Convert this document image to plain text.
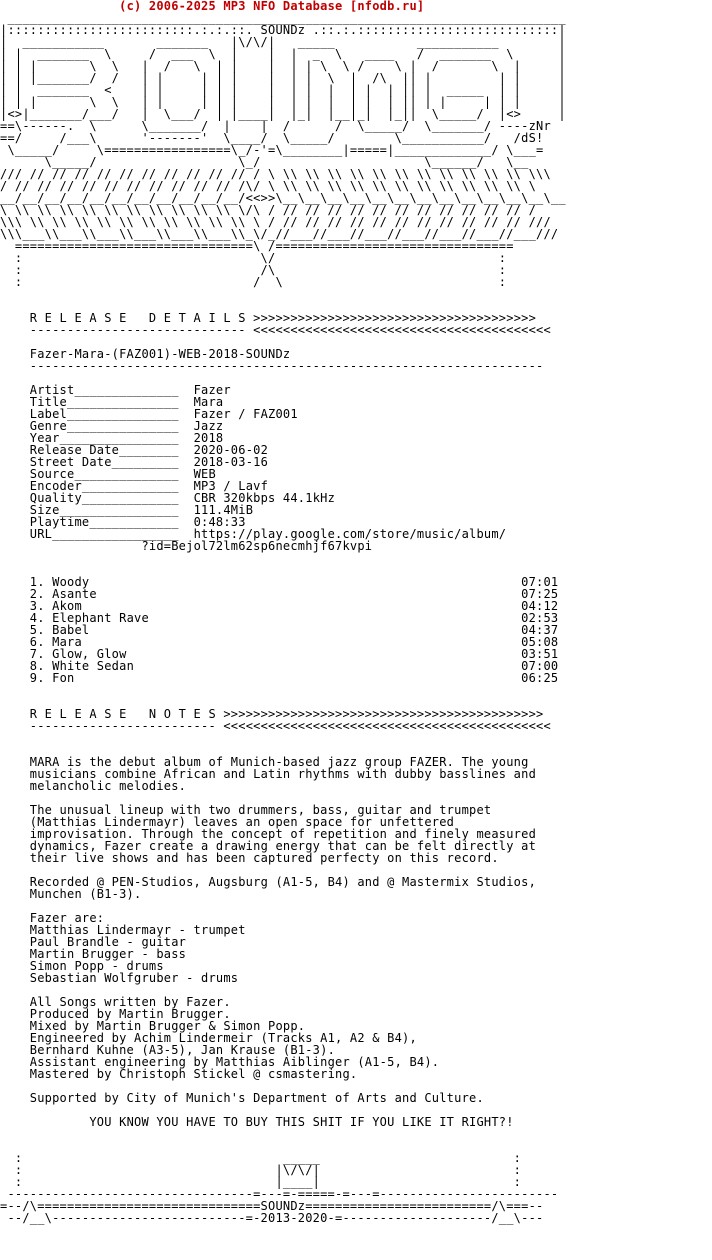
(c) 2006-2025 MP3 NFO Database [nfodb.ru]
___________________________________________________________________________
|:::::::::::::::::::::::::.:.:.::. SOUNDz .::.:.:::::::::::::::::::::::::::|
|  ___________       _______   |\/\/|   _____           ___________        |
| |  _______  \     /  ___  \  |    |  |  _  \   ____   /  _______  \      |
| | |       \  \   |  /   \  | |    |  | | \  \ /    \ |  /       \  |     |
| | |_______/  /   | |     | | |    |  | |  \  |  /\  || |         | |     |
| |  _______  <    | |     | | |    |  | |  |  | |  | || |  _____  | |     |
| | |       \  \   | |     | | |    |  | |  |  | |  | || | |     | | |     |
|<>|_______/___/   |  \___/  | |____|  |_|  |__|_|  |_||  \_____/  |<>     |
==\------.  \      \_______/  |    |  /      /  \_____/  \_______/ ----zNr
==/     /___\      '-------'  \____/  \_____/        \___________/   /dS!
\_____/     \=================\_/-'=\________|=====|_____________/ \___=
\_____/                   \_/                      \______/   \__
/// // // // // // // // // // // / \ \\ \\ \\ \\ \\ \\ \\ \\ \\ \\ \\ \\\
/ // // // // // // // // // // /\/ \ \\ \\ \\ \\ \\ \\ \\ \\ \\ \\ \\ \
__/__/__/__/__/__/__/__/__/__/__/<<>>\__\__\__\__\__\__\__\__\__\__\__\__\__
\ \\ \\ \\ \\ \\ \\ \\ \\ \\ \\ \/\ / // // // // // // // // // // // /
\\\ \\ \\ \\ \\ \\ \\ \\ \\ \\ \\ \ / // // // // // // // // // // // ///
\\\___\\___\\___\\___\\___\\___\\_\/_//___//___//___//___//___//___//___///
================================\ /================================
:                                \/                              :
:                                /\                              :
:                               /  \                             :

R E L E A S E   D E T A I L S >>>>>>>>>>>>>>>>>>>>>>>>>>>>>>>>>>>>>>
----------------------------- <<<<<<<<<<<<<<<<<<<<<<<<<<<<<<<<<<<<<<<<

Fazer-Mara-(FAZ001)-WEB-2018-SOUNDz
---------------------------------------------------------------------

Artist______________ Fazer
Title_______________ Mara
Label_______________ Fazer / FAZ001
Genre_______________ Jazz
Year________________ 2018
Release Date________ 2020-06-02
Street Date_________ 2018-03-16
Source______________ WEB
Encoder_____________ MP3 / Lavf
Quality_____________ CBR 320kbps 44.1kHz
Size________________ 111.4MiB
Playtime____________ 0:48:33
URL_________________ https://play.google.com/store/music/album/
?id=Bejol72lm62sp6necmhjf67kvpi

1. Woody	07:01
2. Asante	07:25
3. Akom	04:12
4. Elephant Rave	02:53
5. Babel	04:37
6. Mara	05:08
7. Glow, Glow	03:51
8. White Sedan	07:00
9. Fon	06:25

R E L E A S E   N O T E S >>>>>>>>>>>>>>>>>>>>>>>>>>>>>>>>>>>>>>>>>>>
------------------------- <<<<<<<<<<<<<<<<<<<<<<<<<<<<<<<<<<<<<<<<<<<<

MARA is the debut album of Munich-based jazz group FAZER. The young
musicians combine African and Latin rhythms with dubby basslines and
melancholic melodies.

The unusual lineup with two drummers, bass, guitar and trumpet
(Matthias Lindermayr) leaves an open space for unfettered
improvisation. Through the concept of repetition and finely measured
dynamics, Fazer create a drawing energy that can be felt directly at
their live shows and has been captured perfecty on this record.

Recorded @ PEN-Studios, Augsburg (A1-5, B4) and @ Mastermix Studios,
Munchen (B1-3).

Fazer are:
Matthias Lindermayr - trumpet
Paul Brandle - guitar
Martin Brugger - bass
Simon Popp - drums
Sebastian Wolfgruber - drums

All Songs written by Fazer.
Produced by Martin Brugger.
Mixed by Martin Brugger & Simon Popp.
Engineered by Achim Lindermeir (Tracks A1, A2 & B4),
Bernhard Kuhne (A3-5), Jan Krause (B1-3).
Assistant engineering by Matthias Aiblinger (A1-5, B4).
Mastered by Christoph Stickel @ csmastering.

Supported by City of Munich's Department of Arts and Culture.

YOU KNOW YOU HAVE TO BUY THIS SHIT IF YOU LIKE IT RIGHT?!

:                                   _____                          :
:                                  |\/\/|                          :
:                                  |____|                          :
---------------------------------=---=-=====-=---=------------------------
=--/\==============================SOUNDz=========================/\===--
--/__\--------------------------=-2013-2020-=--------------------/__\---
